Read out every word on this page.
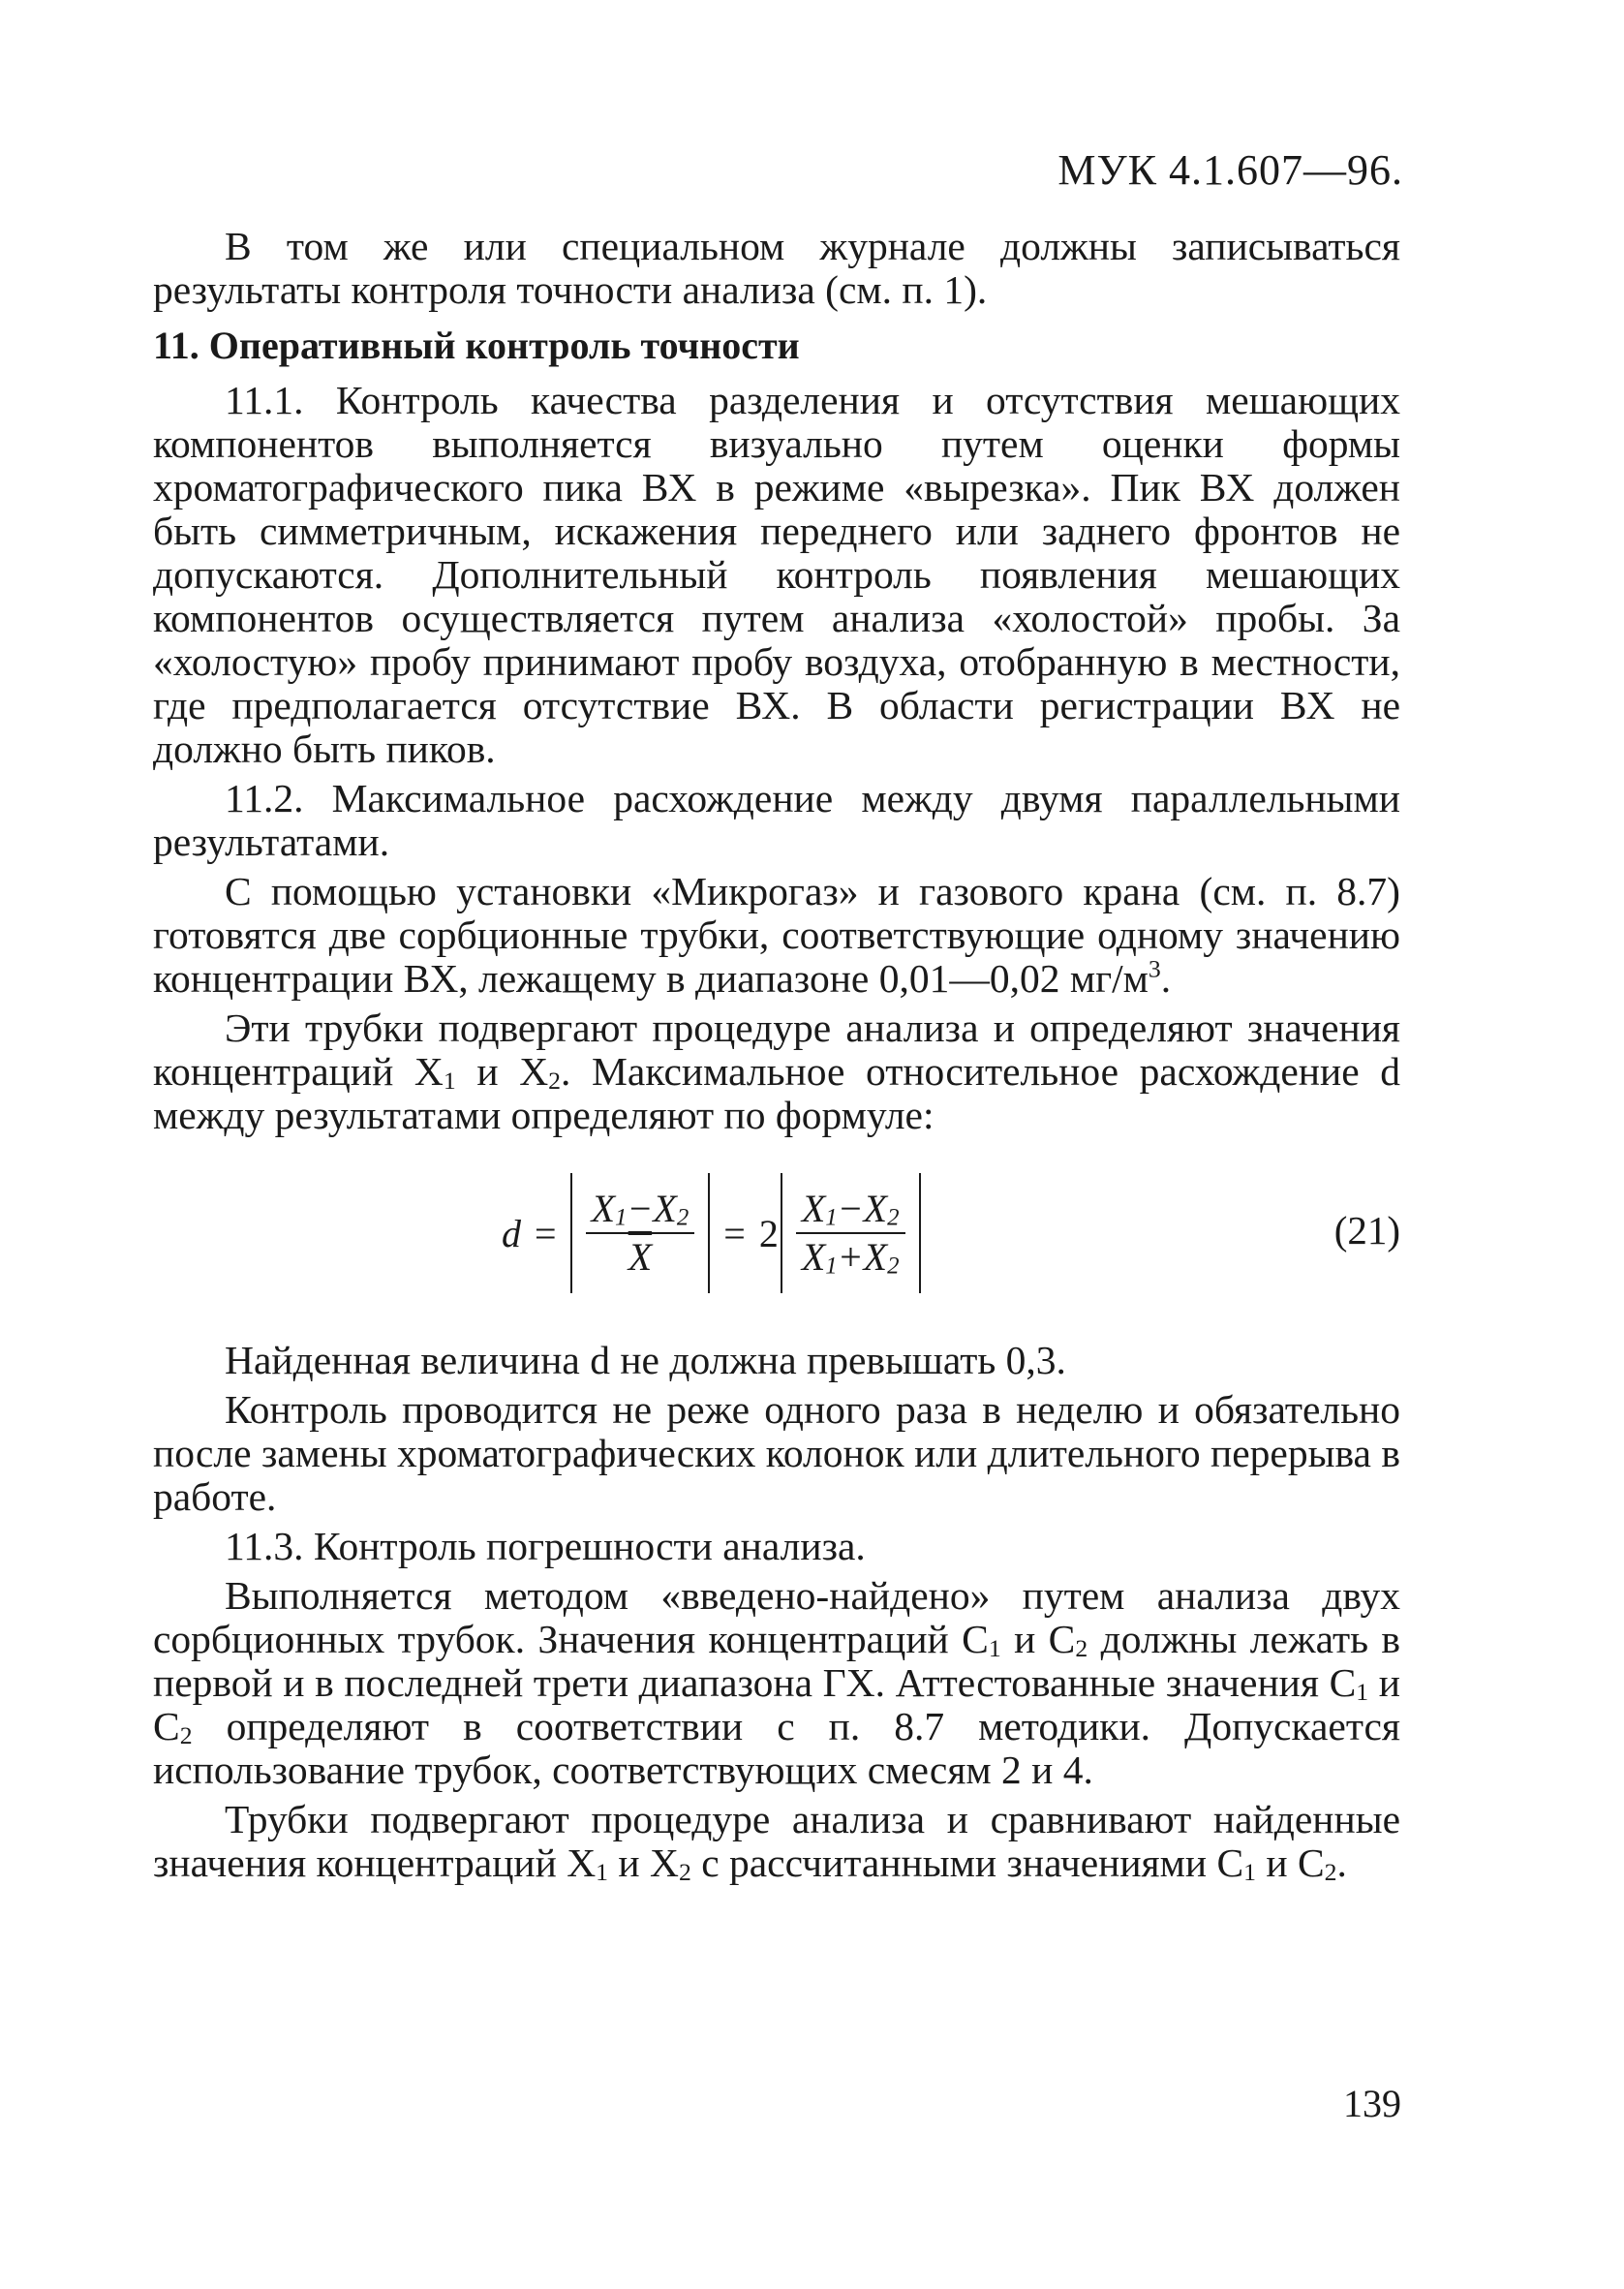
МУК 4.1.607—96.

В том же или специальном журнале должны записываться результаты контроля точности анализа (см. п. 1).

11. Оперативный контроль точности

11.1. Контроль качества разделения и отсутствия мешающих компонентов выполняется визуально путем оценки формы хроматографического пика ВХ в режиме «вырезка». Пик ВХ должен быть симметричным, искажения переднего или заднего фронтов не допускаются. Дополнительный контроль появления мешающих компонентов осуществляется путем анализа «холостой» пробы. За «холостую» пробу принимают пробу воздуха, отобранную в местности, где предполагается отсутствие ВХ. В области регистрации ВХ не должно быть пиков.

11.2. Максимальное расхождение между двумя параллельными результатами.

С помощью установки «Микрогаз» и газового крана (см. п. 8.7) готовятся две сорбционные трубки, соответствующие одному значению концентрации ВХ, лежащему в диапазоне 0,01—0,02 $мг/м^3$.

Эти трубки подвергают процедуре анализа и определяют значения концентраций $X_1$ и $X_2$. Максимальное относительное расхождение d между результатами определяют по формуле:

$d = \frac{X_1-X_2}{X} = 2 \frac{X_1-X_2}{X_1+X_2}$	(21)

Найденная величина d не должна превышать 0,3.

Контроль проводится не реже одного раза в неделю и обязательно после замены хроматографических колонок или длительного перерыва в работе.

11.3. Контроль погрешности анализа.

Выполняется методом «введено-найдено» путем анализа двух сорбционных трубок. Значения концентраций $C_1$ и $C_2$ должны лежать в первой и в последней трети диапазона ГХ. Аттестованные значения $C_1$ и $C_2$ определяют в соответствии с п. 8.7 методики. Допускается использование трубок, соответствующих смесям 2 и 4.

Трубки подвергают процедуре анализа и сравнивают найденные значения концентраций $X_1$ и $X_2$ с рассчитанными значениями $C_1$ и $C_2$.

139
